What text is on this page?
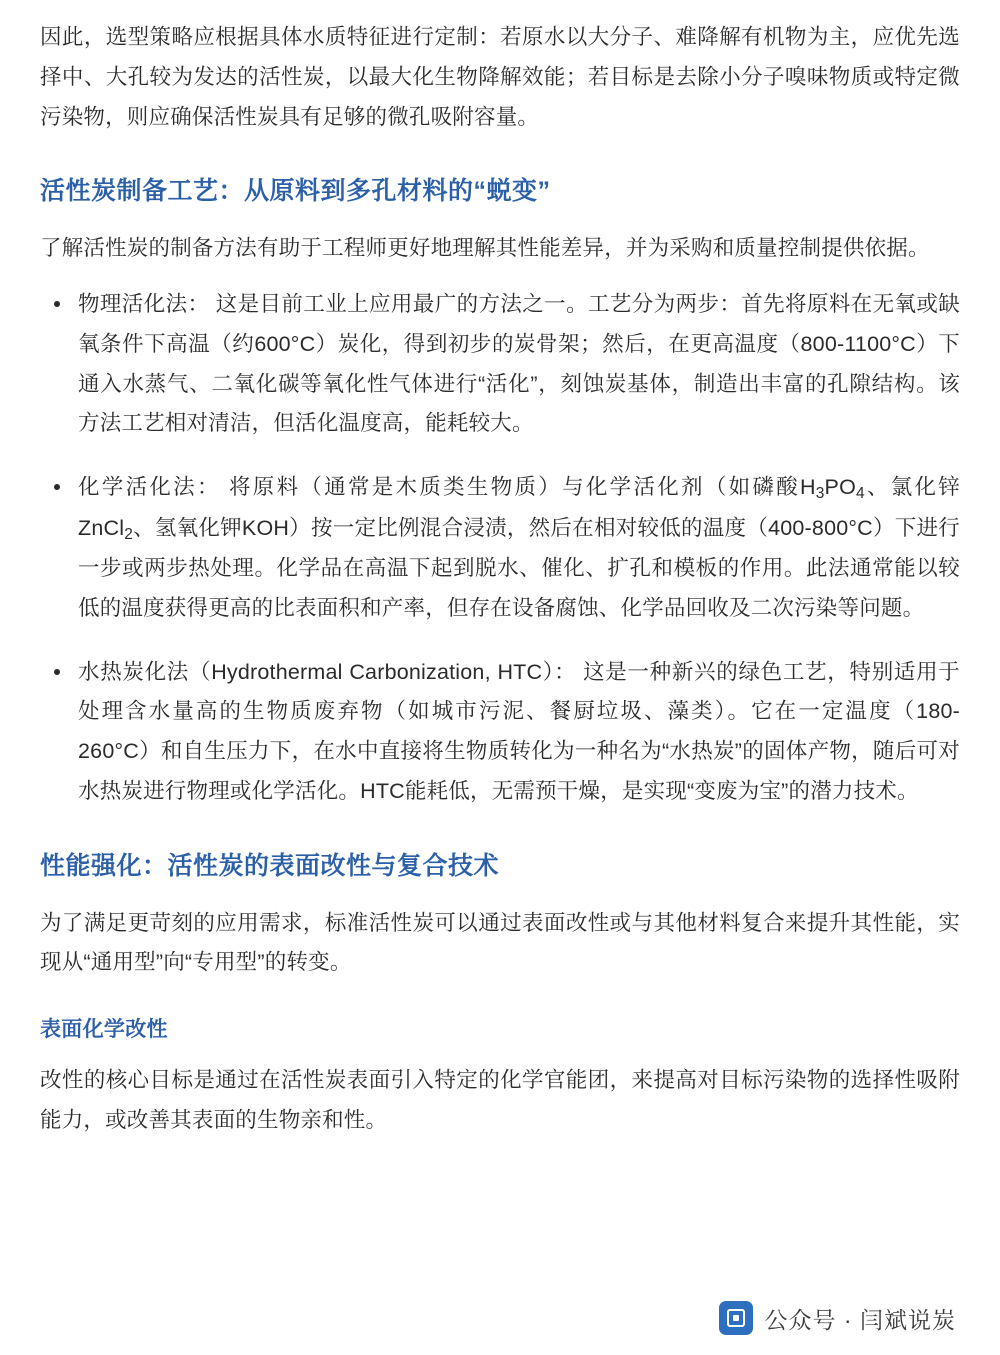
因此，选型策略应根据具体水质特征进行定制：若原水以大分子、难降解有机物为主，应优先选择中、大孔较为发达的活性炭，以最大化生物降解效能；若目标是去除小分子嗅味物质或特定微污染物，则应确保活性炭具有足够的微孔吸附容量。

活性炭制备工艺：从原料到多孔材料的“蜕变”

了解活性炭的制备方法有助于工程师更好地理解其性能差异，并为采购和质量控制提供依据。

物理活化法： 这是目前工业上应用最广的方法之一。工艺分为两步：首先将原料在无氧或缺氧条件下高温（约600°C）炭化，得到初步的炭骨架；然后，在更高温度（800-1100°C）下通入水蒸气、二氧化碳等氧化性气体进行“活化”，刻蚀炭基体，制造出丰富的孔隙结构。该方法工艺相对清洁，但活化温度高，能耗较大。
化学活化法： 将原料（通常是木质类生物质）与化学活化剂（如磷酸$H_3PO_4$、氯化锌ZnCl$_2$、氢氧化钾KOH）按一定比例混合浸渍，然后在相对较低的温度（400-800°C）下进行一步或两步热处理。化学品在高温下起到脱水、催化、扩孔和模板的作用。此法通常能以较低的温度获得更高的比表面积和产率，但存在设备腐蚀、化学品回收及二次污染等问题。
水热炭化法（Hydrothermal Carbonization, HTC）： 这是一种新兴的绿色工艺，特别适用于处理含水量高的生物质废弃物（如城市污泥、餐厨垃圾、藻类）。它在一定温度（180-260°C）和自生压力下，在水中直接将生物质转化为一种名为“水热炭”的固体产物，随后可对水热炭进行物理或化学活化。HTC能耗低，无需预干燥，是实现“变废为宝”的潜力技术。
性能强化：活性炭的表面改性与复合技术

为了满足更苛刻的应用需求，标准活性炭可以通过表面改性或与其他材料复合来提升其性能，实现从“通用型”向“专用型”的转变。

表面化学改性

改性的核心目标是通过在活性炭表面引入特定的化学官能团，来提高对目标污染物的选择性吸附能力，或改善其表面的生物亲和性。

公众号 · 闫斌说炭
